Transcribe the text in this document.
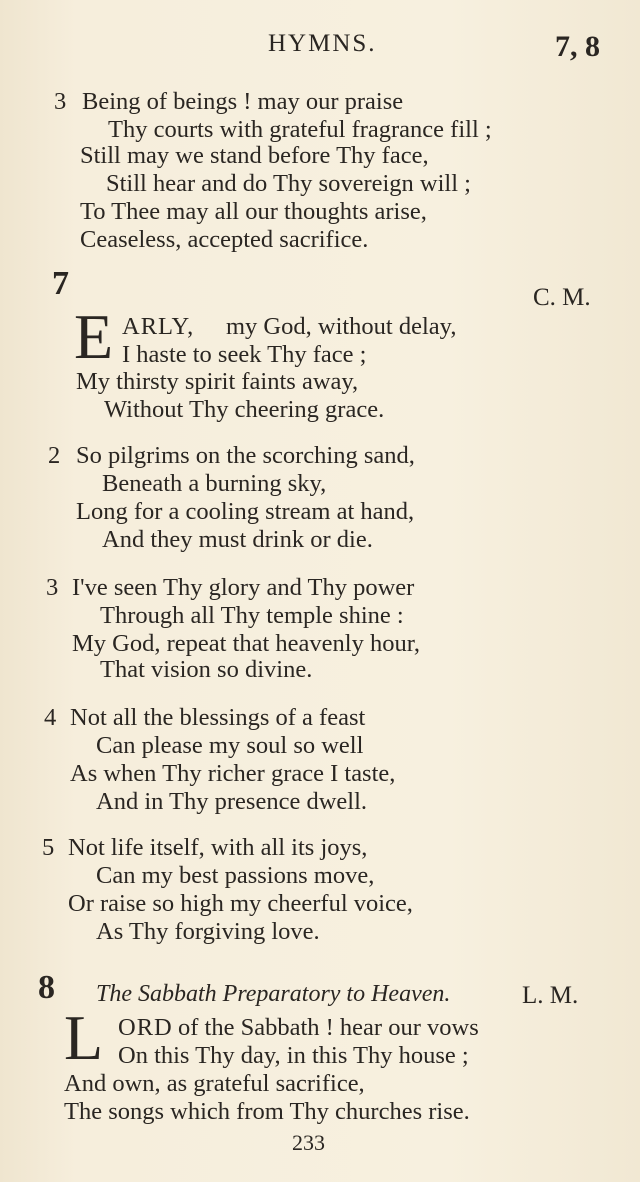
HYMNS.	7, 8
3 Being of beings ! may our praise
Thy courts with grateful fragrance fill ;
Still may we stand before Thy face,
Still hear and do Thy sovereign will ;
To Thee may all our thoughts arise,
Ceaseless, accepted sacrifice.
7	C. M.
E ARLY, my God, without delay,
I haste to seek Thy face ;
My thirsty spirit faints away,
Without Thy cheering grace.
2 So pilgrims on the scorching sand,
Beneath a burning sky,
Long for a cooling stream at hand,
And they must drink or die.
3 I've seen Thy glory and Thy power
Through all Thy temple shine :
My God, repeat that heavenly hour,
That vision so divine.
4 Not all the blessings of a feast
Can please my soul so well
As when Thy richer grace I taste,
And in Thy presence dwell.
5 Not life itself, with all its joys,
Can my best passions move,
Or raise so high my cheerful voice,
As Thy forgiving love.
8 The Sabbath Preparatory to Heaven.	L. M.
L ORD of the Sabbath ! hear our vows
On this Thy day, in this Thy house ;
And own, as grateful sacrifice,
The songs which from Thy churches rise.
233
